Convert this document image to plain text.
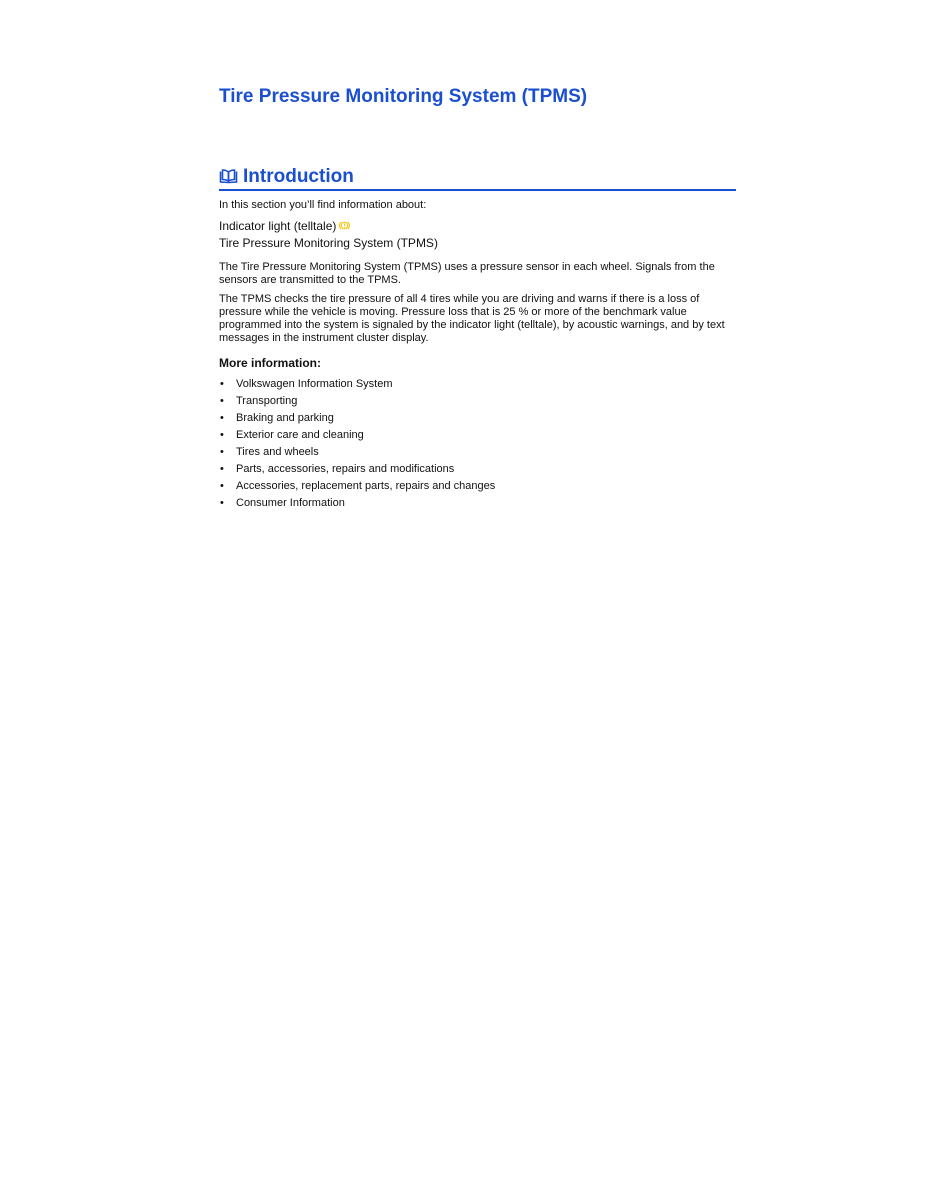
Tire Pressure Monitoring System (TPMS)
Introduction

In this section you’ll find information about:

Indicator light (telltale)
Tire Pressure Monitoring System (TPMS)

The Tire Pressure Monitoring System (TPMS) uses a pressure sensor in each wheel. Signals from the sensors are transmitted to the TPMS.

The TPMS checks the tire pressure of all 4 tires while you are driving and warns if there is a loss of pressure while the vehicle is moving. Pressure loss that is 25 % or more of the benchmark value programmed into the system is signaled by the indicator light (telltale), by acoustic warnings, and by text messages in the instrument cluster display.

More information:
• Volkswagen Information System
• Transporting
• Braking and parking
• Exterior care and cleaning
• Tires and wheels
• Parts, accessories, repairs and modifications
• Accessories, replacement parts, repairs and changes
• Consumer Information
